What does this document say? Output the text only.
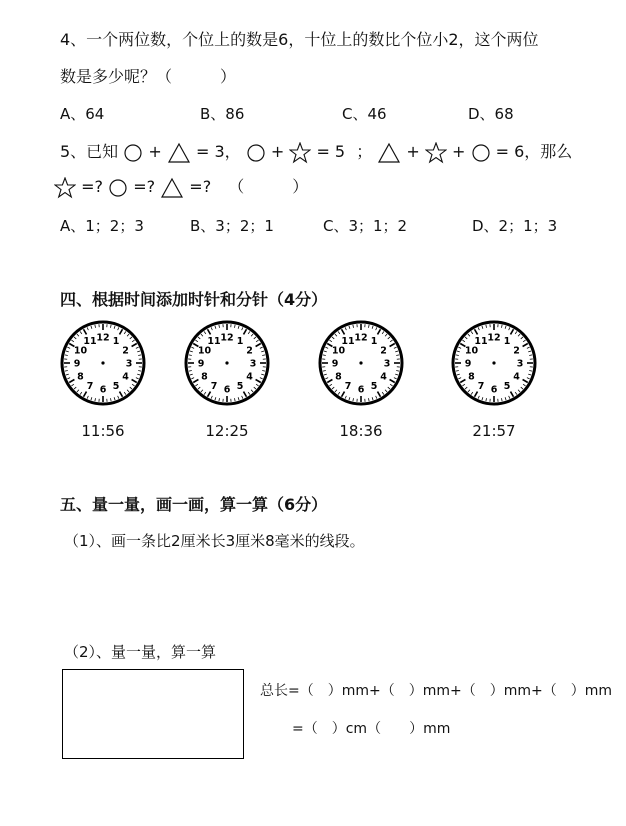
4、一个两位数，个位上的数是6，十位上的数比个位小2，这个两位
数是多少呢？（　　　）
A、64	B、86	C、46	D、68
5、已知 + = 3， + = 5 ； + + = 6，那么
=? =? =? （　　　）
A、1；2；3	B、3；2；1	C、3；1；2	D、2；1；3
四、根据时间添加时针和分针（4分）
12 1
2
3
4
5
6
7
8
9
10
11
11:56
12 1
2
3
4
5
6
7
8
9
10
11
12:25
12 1
2
3
4
5
6
7
8
9
10
11
18:36
12 1
2
3
4
5
6
7
8
9
10
11
21:57
五、量一量，画一画，算一算（6分）
（1）、画一条比2厘米长3厘米8毫米的线段。
（2）、量一量，算一算
总长=（　）mm+（　）mm+（　）mm+（　）mm
=（　）cm（　　）mm
